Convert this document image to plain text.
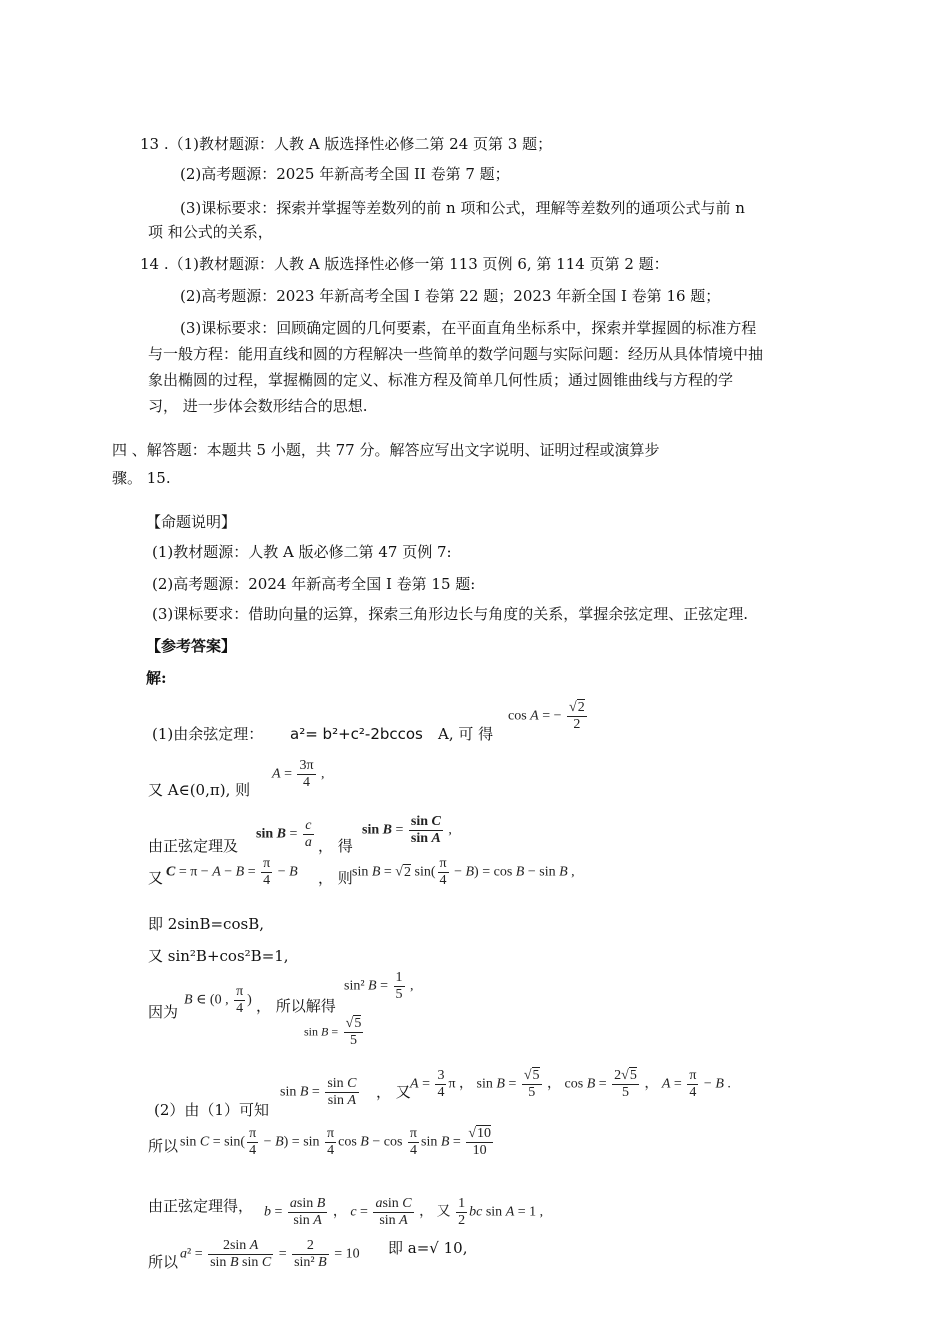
13 .（1)教材题源：人教 A 版选择性必修二第 24 页第 3 题；
(2)高考题源：2025 年新高考全国 II 卷第 7 题；
(3)课标要求：探索并掌握等差数列的前 n 项和公式，理解等差数列的通项公式与前 n
项 和公式的关系，
14 .（1)教材题源：人教 A 版选择性必修一第 113 页例 6, 第 114 页第 2 题：
(2)高考题源：2023 年新高考全国 I 卷第 22 题；2023 年新全国 I 卷第 16 题；
(3)课标要求：回顾确定圆的几何要素，在平面直角坐标系中，探索并掌握圆的标准方程
与一般方程：能用直线和圆的方程解决一些简单的数学问题与实际问题：经历从具体情境中抽
象出椭圆的过程，掌握椭圆的定义、标准方程及简单几何性质；通过圆锥曲线与方程的学
习， 进一步体会数形结合的思想.
四 、解答题：本题共 5 小题，共 77 分。解答应写出文字说明、证明过程或演算步
骤。 15.
【命题说明】
(1)教材题源：人教 A 版必修二第 47 页例 7:
(2)高考题源：2024 年新高考全国 I 卷第 15 题:
(3)课标要求：借助向量的运算，探索三角形边长与角度的关系，掌握余弦定理、正弦定理.
【参考答案】
解:
(1)由余弦定理： a²= b²+c²-2bccos A, 可 得
cos A = − $\frac{√2}{2}$
又 A∈(0,π), 则
$A = \frac{3\pi}{4}$ ,
$\sin B = \frac{c}{a}$
由正弦定理及	， 得
$\sin B = \frac{\text{sin C}}{\text{sin A}}$ ,
又 $C = \pi - A - B = \frac{\pi}{4} - B$ ， 则 sin B = √2 $\sin( \frac{\pi}{4} - B) = \cos B - \sin B$ ,
即 2sinB=cosB,
又 sin²B+cos²B=1,
B ∈ (0 , $\frac{\pi}{4}$ )
因为	， 所以解得
sin² $B = \frac{1}{5}$ ,
$\sin B = \frac{√5}{5}$
$\sin B = \frac{\text{sin C}}{\text{sin A}}$
(2）由（1）可知
， 又 $A = \frac{3}{4}$ π ， $\sin B = \frac{√5}{5}$ ， $\cos B = \frac{2√5}{5}$ ， $A = \frac{\pi}{4} - B$ .
所以 $\sin C = \sin( \frac{\pi}{4} - B) = \sin \frac{\pi}{4}$ $\cos B - \cos \frac{\pi}{4}$ $\sin B = \frac{√10}{10}$
由正弦定理得， $b = \frac{\text{asin B}}{\text{sin A}}$ ， $c = \frac{\text{asin C}}{\text{sin A}}$ ， 又 $\frac{1}{2}$ bc sin A = 1 ,
所以 $a^2 = \frac{\text{2sin A}}{\text{sin B sin C}} = \frac{2}{\text{sin² B}} = 10$ 即 a=√ 10,
